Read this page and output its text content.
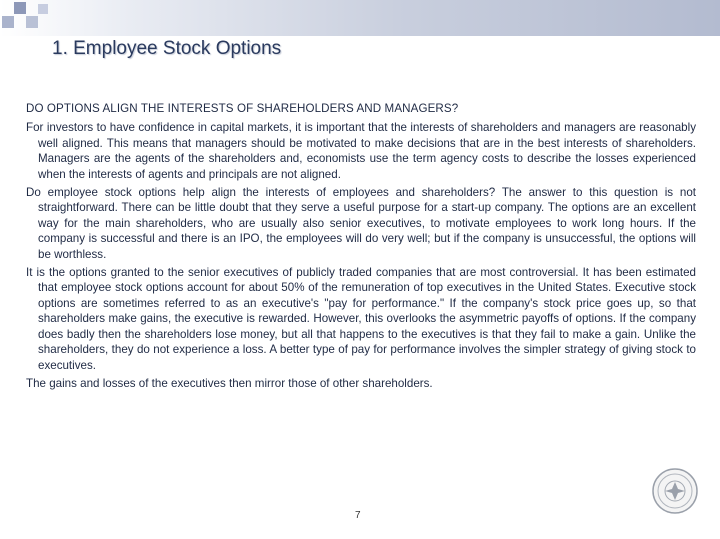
1. Employee Stock Options

DO OPTIONS ALIGN THE INTERESTS OF SHAREHOLDERS AND MANAGERS?

For investors to have confidence in capital markets, it is important that the interests of shareholders and managers are reasonably well aligned. This means that managers should be motivated to make decisions that are in the best interests of shareholders. Managers are the agents of the shareholders and, economists use the term agency costs to describe the losses experienced when the interests of agents and principals are not aligned.

Do employee stock options help align the interests of employees and shareholders? The answer to this question is not straightforward. There can be little doubt that they serve a useful purpose for a start-up company. The options are an excellent way for the main shareholders, who are usually also senior executives, to motivate employees to work long hours. If the company is successful and there is an IPO, the employees will do very well; but if the company is unsuccessful, the options will be worthless.

It is the options granted to the senior executives of publicly traded companies that are most controversial. It has been estimated that employee stock options account for about 50% of the remuneration of top executives in the United States. Executive stock options are sometimes referred to as an executive's "pay for performance." If the company's stock price goes up, so that shareholders make gains, the executive is rewarded. However, this overlooks the asymmetric payoffs of options. If the company does badly then the shareholders lose money, but all that happens to the executives is that they fail to make a gain. Unlike the shareholders, they do not experience a loss. A better type of pay for performance involves the simpler strategy of giving stock to executives.

The gains and losses of the executives then mirror those of other shareholders.

7
